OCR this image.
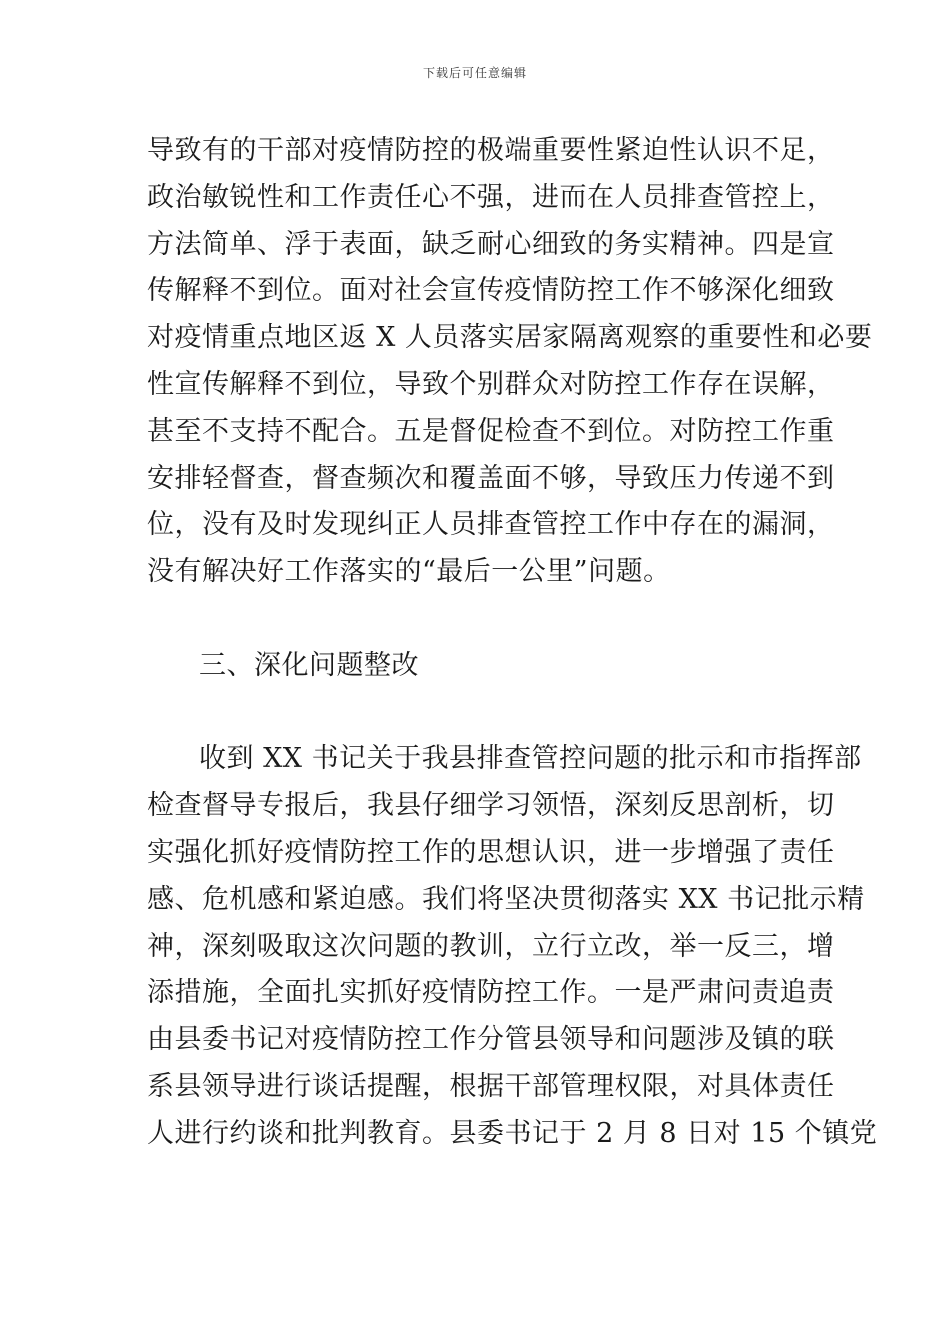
下载后可任意编辑
导致有的干部对疫情防控的极端重要性紧迫性认识不足，
政治敏锐性和工作责任心不强，进而在人员排查管控上，
方法简单、浮于表面，缺乏耐心细致的务实精神。四是宣
传解释不到位。面对社会宣传疫情防控工作不够深化细致
对疫情重点地区返 X 人员落实居家隔离观察的重要性和必要
性宣传解释不到位，导致个别群众对防控工作存在误解，
甚至不支持不配合。五是督促检查不到位。对防控工作重
安排轻督查，督查频次和覆盖面不够，导致压力传递不到
位，没有及时发现纠正人员排查管控工作中存在的漏洞，
没有解决好工作落实的“最后一公里”问题。
三、深化问题整改
收到 XX 书记关于我县排查管控问题的批示和市指挥部
检查督导专报后，我县仔细学习领悟，深刻反思剖析，切
实强化抓好疫情防控工作的思想认识，进一步增强了责任
感、危机感和紧迫感。我们将坚决贯彻落实 XX 书记批示精
神，深刻吸取这次问题的教训，立行立改，举一反三，增
添措施，全面扎实抓好疫情防控工作。一是严肃问责追责
由县委书记对疫情防控工作分管县领导和问题涉及镇的联
系县领导进行谈话提醒，根据干部管理权限，对具体责任
人进行约谈和批判教育。县委书记于 2 月 8 日对 15 个镇党
